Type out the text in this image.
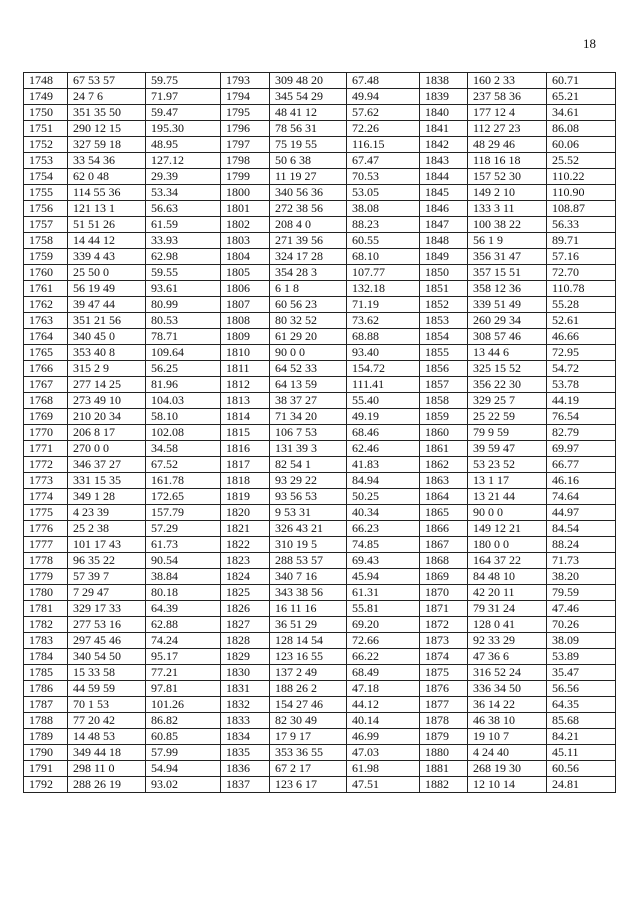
18
1748	67 53 57	59.75	1793	309 48 20	67.48	1838	160 2 33	60.71
1749	24 7 6	71.97	1794	345 54 29	49.94	1839	237 58 36	65.21
1750	351 35 50	59.47	1795	48 41 12	57.62	1840	177 12 4	34.61
1751	290 12 15	195.30	1796	78 56 31	72.26	1841	112 27 23	86.08
1752	327 59 18	48.95	1797	75 19 55	116.15	1842	48 29 46	60.06
1753	33 54 36	127.12	1798	50 6 38	67.47	1843	118 16 18	25.52
1754	62 0 48	29.39	1799	11 19 27	70.53	1844	157 52 30	110.22
1755	114 55 36	53.34	1800	340 56 36	53.05	1845	149 2 10	110.90
1756	121 13 1	56.63	1801	272 38 56	38.08	1846	133 3 11	108.87
1757	51 51 26	61.59	1802	208 4 0	88.23	1847	100 38 22	56.33
1758	14 44 12	33.93	1803	271 39 56	60.55	1848	56 1 9	89.71
1759	339 4 43	62.98	1804	324 17 28	68.10	1849	356 31 47	57.16
1760	25 50 0	59.55	1805	354 28 3	107.77	1850	357 15 51	72.70
1761	56 19 49	93.61	1806	6 1 8	132.18	1851	358 12 36	110.78
1762	39 47 44	80.99	1807	60 56 23	71.19	1852	339 51 49	55.28
1763	351 21 56	80.53	1808	80 32 52	73.62	1853	260 29 34	52.61
1764	340 45 0	78.71	1809	61 29 20	68.88	1854	308 57 46	46.66
1765	353 40 8	109.64	1810	90 0 0	93.40	1855	13 44 6	72.95
1766	315 2 9	56.25	1811	64 52 33	154.72	1856	325 15 52	54.72
1767	277 14 25	81.96	1812	64 13 59	111.41	1857	356 22 30	53.78
1768	273 49 10	104.03	1813	38 37 27	55.40	1858	329 25 7	44.19
1769	210 20 34	58.10	1814	71 34 20	49.19	1859	25 22 59	76.54
1770	206 8 17	102.08	1815	106 7 53	68.46	1860	79 9 59	82.79
1771	270 0 0	34.58	1816	131 39 3	62.46	1861	39 59 47	69.97
1772	346 37 27	67.52	1817	82 54 1	41.83	1862	53 23 52	66.77
1773	331 15 35	161.78	1818	93 29 22	84.94	1863	13 1 17	46.16
1774	349 1 28	172.65	1819	93 56 53	50.25	1864	13 21 44	74.64
1775	4 23 39	157.79	1820	9 53 31	40.34	1865	90 0 0	44.97
1776	25 2 38	57.29	1821	326 43 21	66.23	1866	149 12 21	84.54
1777	101 17 43	61.73	1822	310 19 5	74.85	1867	180 0 0	88.24
1778	96 35 22	90.54	1823	288 53 57	69.43	1868	164 37 22	71.73
1779	57 39 7	38.84	1824	340 7 16	45.94	1869	84 48 10	38.20
1780	7 29 47	80.18	1825	343 38 56	61.31	1870	42 20 11	79.59
1781	329 17 33	64.39	1826	16 11 16	55.81	1871	79 31 24	47.46
1782	277 53 16	62.88	1827	36 51 29	69.20	1872	128 0 41	70.26
1783	297 45 46	74.24	1828	128 14 54	72.66	1873	92 33 29	38.09
1784	340 54 50	95.17	1829	123 16 55	66.22	1874	47 36 6	53.89
1785	15 33 58	77.21	1830	137 2 49	68.49	1875	316 52 24	35.47
1786	44 59 59	97.81	1831	188 26 2	47.18	1876	336 34 50	56.56
1787	70 1 53	101.26	1832	154 27 46	44.12	1877	36 14 22	64.35
1788	77 20 42	86.82	1833	82 30 49	40.14	1878	46 38 10	85.68
1789	14 48 53	60.85	1834	17 9 17	46.99	1879	19 10 7	84.21
1790	349 44 18	57.99	1835	353 36 55	47.03	1880	4 24 40	45.11
1791	298 11 0	54.94	1836	67 2 17	61.98	1881	268 19 30	60.56
1792	288 26 19	93.02	1837	123 6 17	47.51	1882	12 10 14	24.81
